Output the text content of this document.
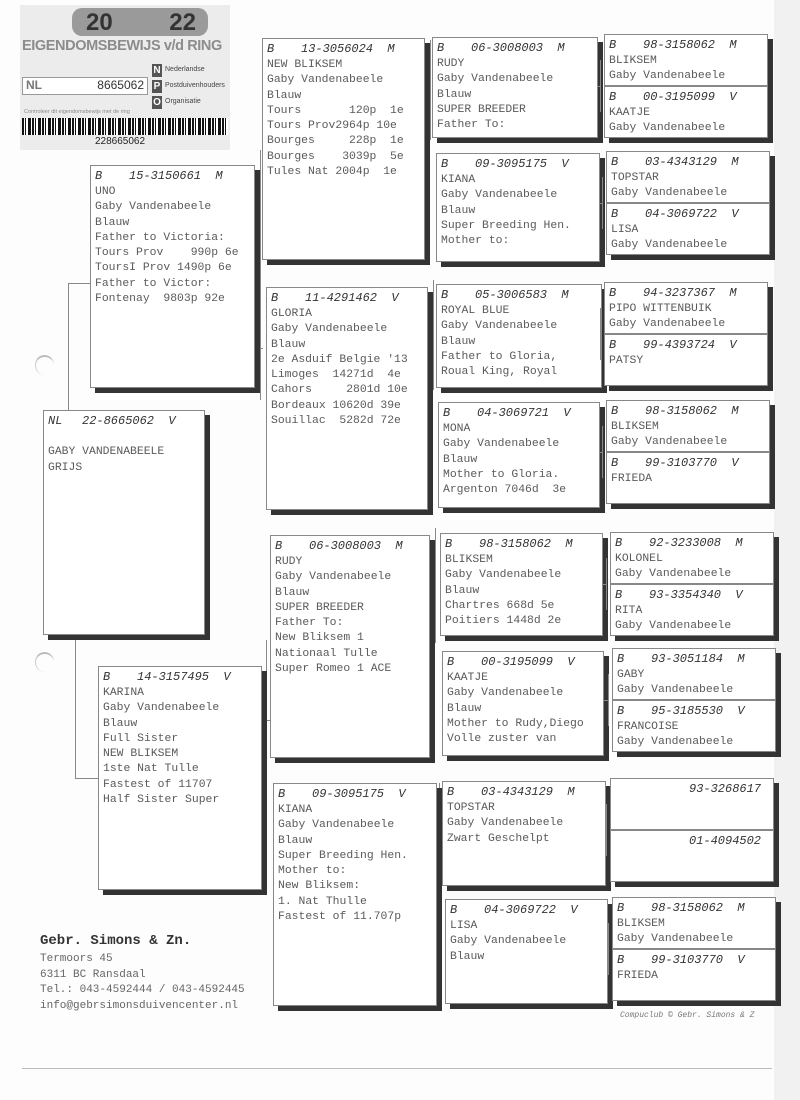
20 22
EIGENDOMSBEWIJS v/d RING
NL	8665062
N Nederlandse
P Postduivenhouders
O Organisatie
Controleer dit eigendomsbewijs met de ring
228665062
NL 22-8665062 V

GABY VANDENABEELE
GRIJS
B 15-3150661 M
UNO
Gaby Vandenabeele
Blauw
Father to Victoria:
Tours Prov    990p 6e
ToursI Prov 1490p 6e
Father to Victor:
Fontenay  9803p 92e
B 14-3157495 V
KARINA
Gaby Vandenabeele
Blauw
Full Sister
NEW BLIKSEM
1ste Nat Tulle
Fastest of 11707
Half Sister Super
B 13-3056024 M
NEW BLIKSEM
Gaby Vandenabeele
Blauw
Tours       120p  1e
Tours Prov2964p 10e
Bourges     228p  1e
Bourges    3039p  5e
Tules Nat 2004p  1e
B 11-4291462 V
GLORIA
Gaby Vandenabeele
Blauw
2e Asduif Belgie '13
Limoges  14271d  4e
Cahors     2801d 10e
Bordeaux 10620d 39e
Souillac  5282d 72e
B 06-3008003 M
RUDY
Gaby Vandenabeele
Blauw
SUPER BREEDER
Father To:
New Bliksem 1
Nationaal Tulle
Super Romeo 1 ACE
B 09-3095175 V
KIANA
Gaby Vandenabeele
Blauw
Super Breeding Hen.
Mother to:
New Bliksem:
1. Nat Thulle
Fastest of 11.707p
B 06-3008003 M
RUDY
Gaby Vandenabeele
Blauw
SUPER BREEDER
Father To:
B 09-3095175 V
KIANA
Gaby Vandenabeele
Blauw
Super Breeding Hen.
Mother to:
B 05-3006583 M
ROYAL BLUE
Gaby Vandenabeele
Blauw
Father to Gloria,
Roual King, Royal
B 04-3069721 V
MONA
Gaby Vandenabeele
Blauw
Mother to Gloria.
Argenton 7046d  3e
B 98-3158062 M
BLIKSEM
Gaby Vandenabeele
Blauw
Chartres 668d 5e
Poitiers 1448d 2e
B 00-3195099 V
KAATJE
Gaby Vandenabeele
Blauw
Mother to Rudy,Diego
Volle zuster van
B 03-4343129 M
TOPSTAR
Gaby Vandenabeele
Zwart Geschelpt
B 04-3069722 V
LISA
Gaby Vandenabeele
Blauw
B 98-3158062 M
BLIKSEM
Gaby Vandenabeele
B 00-3195099 V
KAATJE
Gaby Vandenabeele
B 03-4343129 M
TOPSTAR
Gaby Vandenabeele
B 04-3069722 V
LISA
Gaby Vandenabeele
B 94-3237367 M
PIPO WITTENBUIK
Gaby Vandenabeele
B 99-4393724 V
PATSY
B 98-3158062 M
BLIKSEM
Gaby Vandenabeele
B 99-3103770 V
FRIEDA
B 92-3233008 M
KOLONEL
Gaby Vandenabeele
B 93-3354340 V
RITA
Gaby Vandenabeele
B 93-3051184 M
GABY
Gaby Vandenabeele
B 95-3185530 V
FRANCOISE
Gaby Vandenabeele
93-3268617
01-4094502
B 98-3158062 M
BLIKSEM
Gaby Vandenabeele
B 99-3103770 V
FRIEDA
Gebr. Simons & Zn.
Termoors 45
6311 BC Ransdaal
Tel.: 043-4592444 / 043-4592445
info@gebrsimonsduivencenter.nl
Compuclub © Gebr. Simons & Z
